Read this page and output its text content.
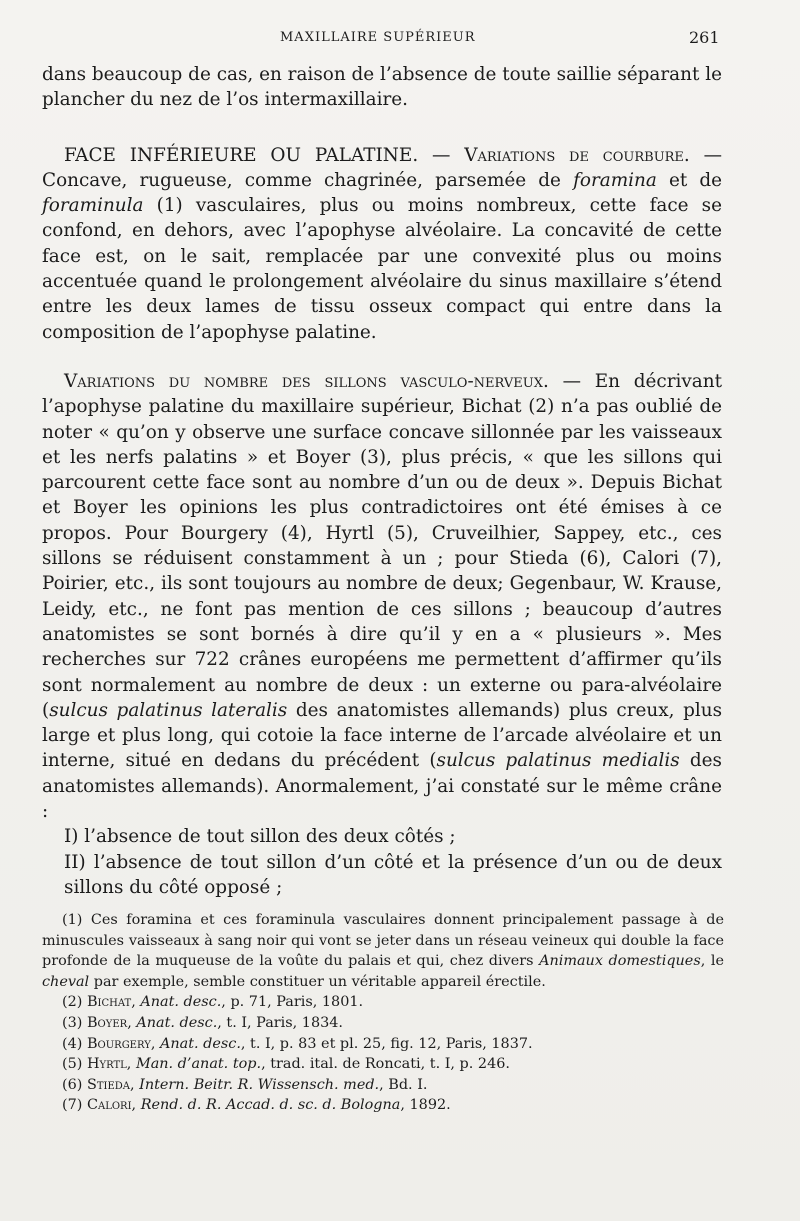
MAXILLAIRE SUPÉRIEUR	261

dans beaucoup de cas, en raison de l’absence de toute saillie séparant le plancher du nez de l’os intermaxillaire.

FACE INFÉRIEURE OU PALATINE. — Variations de courbure. — Concave, rugueuse, comme chagrinée, parsemée de foramina et de foraminula (1) vasculaires, plus ou moins nombreux, cette face se confond, en dehors, avec l’apophyse alvéolaire. La concavité de cette face est, on le sait, remplacée par une convexité plus ou moins accentuée quand le prolongement alvéolaire du sinus maxillaire s’étend entre les deux lames de tissu osseux compact qui entre dans la composition de l’apophyse palatine.

Variations du nombre des sillons vasculo-nerveux. — En décrivant l’apophyse palatine du maxillaire supérieur, Bichat (2) n’a pas oublié de noter « qu’on y observe une surface concave sillonnée par les vaisseaux et les nerfs palatins » et Boyer (3), plus précis, « que les sillons qui parcourent cette face sont au nombre d’un ou de deux ». Depuis Bichat et Boyer les opinions les plus contradictoires ont été émises à ce propos. Pour Bourgery (4), Hyrtl (5), Cruveilhier, Sappey, etc., ces sillons se réduisent constamment à un ; pour Stieda (6), Calori (7), Poirier, etc., ils sont toujours au nombre de deux; Gegenbaur, W. Krause, Leidy, etc., ne font pas mention de ces sillons ; beaucoup d’autres anatomistes se sont bornés à dire qu’il y en a « plusieurs ». Mes recherches sur 722 crânes européens me permettent d’affirmer qu’ils sont normalement au nombre de deux : un externe ou para-alvéolaire (sulcus palatinus lateralis des anatomistes allemands) plus creux, plus large et plus long, qui cotoie la face interne de l’arcade alvéolaire et un interne, situé en dedans du précédent (sulcus palatinus medialis des anatomistes allemands). Anormalement, j’ai constaté sur le même crâne :

I) l’absence de tout sillon des deux côtés ;

II) l’absence de tout sillon d’un côté et la présence d’un ou de deux sillons du côté opposé ;

(1) Ces foramina et ces foraminula vasculaires donnent principalement passage à de minuscules vaisseaux à sang noir qui vont se jeter dans un réseau veineux qui double la face profonde de la muqueuse de la voûte du palais et qui, chez divers Animaux domestiques, le cheval par exemple, semble constituer un véritable appareil érectile.

(2) Bichat, Anat. desc., p. 71, Paris, 1801.

(3) Boyer, Anat. desc., t. I, Paris, 1834.

(4) Bourgery, Anat. desc., t. I, p. 83 et pl. 25, fig. 12, Paris, 1837.

(5) Hyrtl, Man. d’anat. top., trad. ital. de Roncati, t. I, p. 246.

(6) Stieda, Intern. Beitr. R. Wissensch. med., Bd. I.

(7) Calori, Rend. d. R. Accad. d. sc. d. Bologna, 1892.
